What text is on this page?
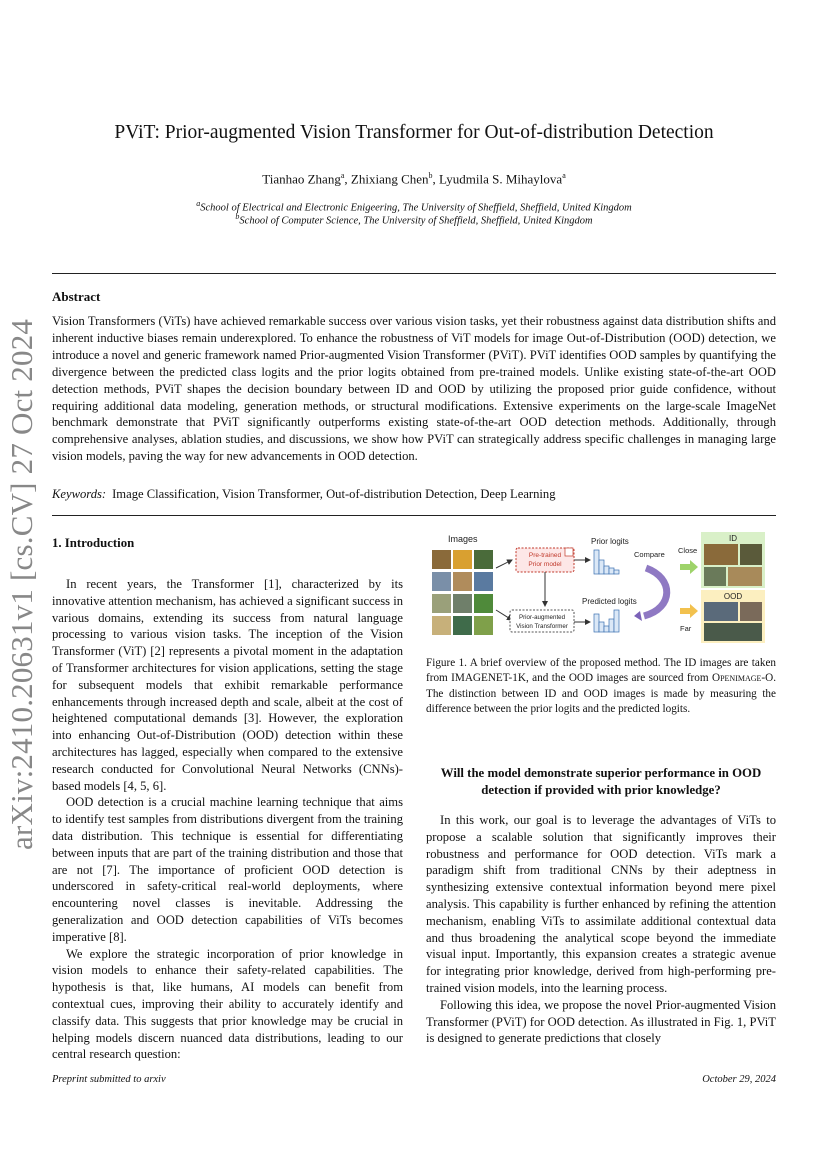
arXiv:2410.20631v1 [cs.CV] 27 Oct 2024
PViT: Prior-augmented Vision Transformer for Out-of-distribution Detection
Tianhao Zhang$^a$, Zhixiang Chen$^b$, Lyudmila S. Mihaylova$^a$
$^a$School of Electrical and Electronic Enigeering, The University of Sheffield, Sheffield, United Kingdom
$^b$School of Computer Science, The University of Sheffield, Sheffield, United Kingdom
Abstract
Vision Transformers (ViTs) have achieved remarkable success over various vision tasks, yet their robustness against data distribution shifts and inherent inductive biases remain underexplored. To enhance the robustness of ViT models for image Out-of-Distribution (OOD) detection, we introduce a novel and generic framework named Prior-augmented Vision Transformer (PViT). PViT identifies OOD samples by quantifying the divergence between the predicted class logits and the prior logits obtained from pre-trained models. Unlike existing state-of-the-art OOD detection methods, PViT shapes the decision boundary between ID and OOD by utilizing the proposed prior guide confidence, without requiring additional data modeling, generation methods, or structural modifications. Extensive experiments on the large-scale ImageNet benchmark demonstrate that PViT significantly outperforms existing state-of-the-art OOD detection methods. Additionally, through comprehensive analyses, ablation studies, and discussions, we show how PViT can strategically address specific challenges in managing large vision models, paving the way for new advancements in OOD detection.
Keywords: Image Classification, Vision Transformer, Out-of-distribution Detection, Deep Learning
1. Introduction

In recent years, the Transformer [1], characterized by its innovative attention mechanism, has achieved a significant success in various domains, extending its success from natural language processing to various vision tasks. The inception of the Vision Transformer (ViT) [2] represents a pivotal moment in the adaptation of Transformer architectures for vision applications, setting the stage for subsequent models that exhibit remarkable performance enhancements through increased depth and scale, albeit at the cost of heightened computational demands [3]. However, the exploration into enhancing Out-of-Distribution (OOD) detection within these architectures has lagged, especially when compared to the extensive research conducted for Convolutional Neural Networks (CNNs)-based models [4, 5, 6].

OOD detection is a crucial machine learning technique that aims to identify test samples from distributions divergent from the training data distribution. This technique is essential for differentiating between inputs that are part of the training distribution and those that are not [7]. The importance of proficient OOD detection is underscored in safety-critical real-world deployments, where encountering novel classes is inevitable. Addressing the generalization and OOD detection capabilities of ViTs becomes imperative [8].

We explore the strategic incorporation of prior knowledge in vision models to enhance their safety-related capabilities. The hypothesis is that, like humans, AI models can benefit from contextual cues, improving their ability to accurately identify and classify data. This suggests that prior knowledge may be crucial in helping models discern nuanced data distributions, leading to our central research question:

Images
Pre-trained
Prior model
Prior logits
Compare
Predicted logits
Prior-augmented
Vision Transformer
Close
Far
ID
OOD
Figure 1. A brief overview of the proposed method. The ID images are taken from IMAGENET-1K, and the OOD images are sourced from Openimage-O. The distinction between ID and OOD images is made by measuring the difference between the prior logits and the predicted logits.
Will the model demonstrate superior performance in OOD detection if provided with prior knowledge?

In this work, our goal is to leverage the advantages of ViTs to propose a scalable solution that significantly improves their robustness and performance for OOD detection. ViTs mark a paradigm shift from traditional CNNs by their adeptness in synthesizing extensive contextual information beyond mere pixel analysis. This capability is further enhanced by refining the attention mechanism, enabling ViTs to assimilate additional contextual data and thus broadening the analytical scope beyond the immediate visual input. Importantly, this expansion creates a strategic avenue for integrating prior knowledge, derived from high-performing pre-trained vision models, into the learning process.

Following this idea, we propose the novel Prior-augmented Vision Transformer (PViT) for OOD detection. As illustrated in Fig. 1, PViT is designed to generate predictions that closely

Preprint submitted to arxiv	October 29, 2024
